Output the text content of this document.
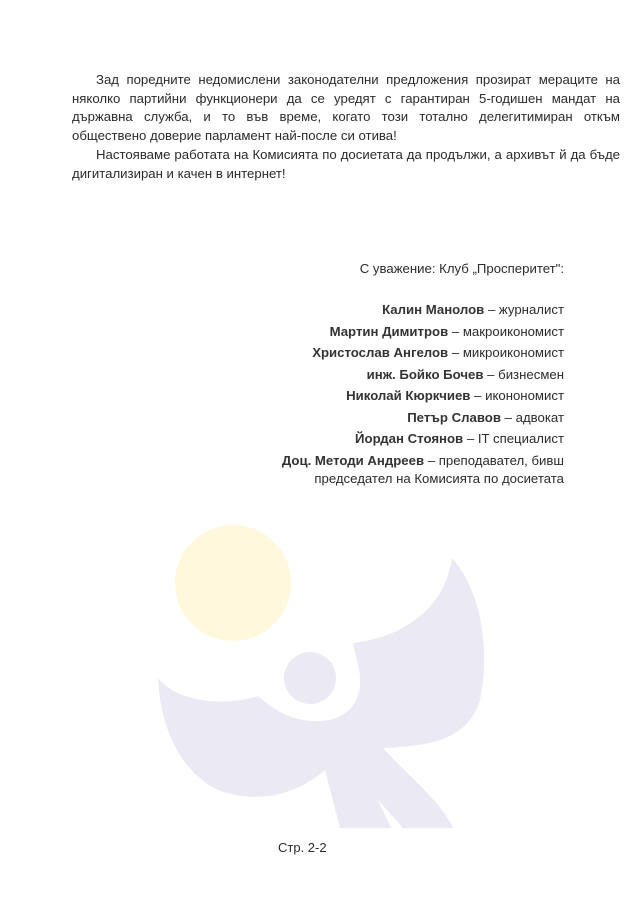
Зад поредните недомислени законодателни предложения прозират мераците на няколко партийни функционери да се уредят с гарантиран 5-годишен мандат на държавна служба, и то във време, когато този тотално делегитимиран откъм обществено доверие парламент най-после си отива!

Настояваме работата на Комисията по досиетата да продължи, а архивът й да бъде дигитализиран и качен в интернет!

С уважение: Клуб „Просперитет":
Калин Манолов – журналист
Мартин Димитров – макроикономист
Христослав Ангелов – микроикономист
инж. Бойко Бочев – бизнесмен
Николай Кюркчиев – иконономист
Петър Славов – адвокат
Йордан Стоянов – IT специалист
Доц. Методи Андреев – преподавател, бивш
председател на Комисията по досиетата
Стр. 2-2
